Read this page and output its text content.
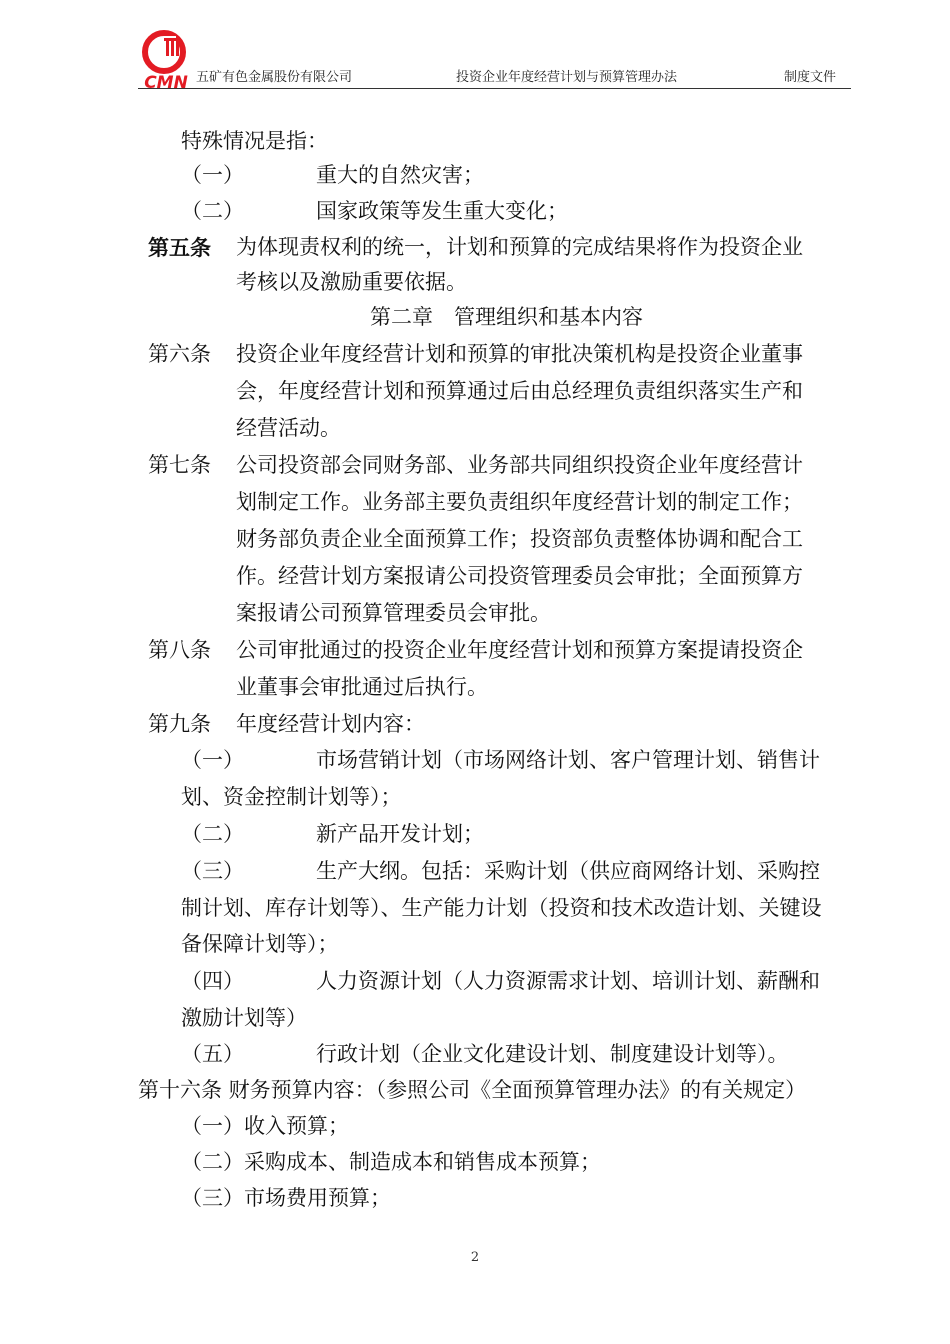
CMN 五矿有色金属股份有限公司	投资企业年度经营计划与预算管理办法	制度文件
特殊情况是指：
（一）	重大的自然灾害；
（二）	国家政策等发生重大变化；
第五条 为体现责权利的统一，计划和预算的完成结果将作为投资企业
考核以及激励重要依据。
第二章　管理组织和基本内容
第六条 投资企业年度经营计划和预算的审批决策机构是投资企业董事
会，年度经营计划和预算通过后由总经理负责组织落实生产和
经营活动。
第七条 公司投资部会同财务部、业务部共同组织投资企业年度经营计
划制定工作。业务部主要负责组织年度经营计划的制定工作；
财务部负责企业全面预算工作；投资部负责整体协调和配合工
作。经营计划方案报请公司投资管理委员会审批；全面预算方
案报请公司预算管理委员会审批。
第八条 公司审批通过的投资企业年度经营计划和预算方案提请投资企
业董事会审批通过后执行。
第九条 年度经营计划内容：
（一）	市场营销计划（市场网络计划、客户管理计划、销售计
划、资金控制计划等）；
（二）	新产品开发计划；
（三）	生产大纲。包括：采购计划（供应商网络计划、采购控
制计划、库存计划等）、生产能力计划（投资和技术改造计划、关键设
备保障计划等）；
（四）	人力资源计划（人力资源需求计划、培训计划、薪酬和
激励计划等）
（五）	行政计划（企业文化建设计划、制度建设计划等）。
第十六条 财务预算内容：（参照公司《全面预算管理办法》的有关规定）
（一）收入预算；
（二）采购成本、制造成本和销售成本预算；
（三）市场费用预算；
2
